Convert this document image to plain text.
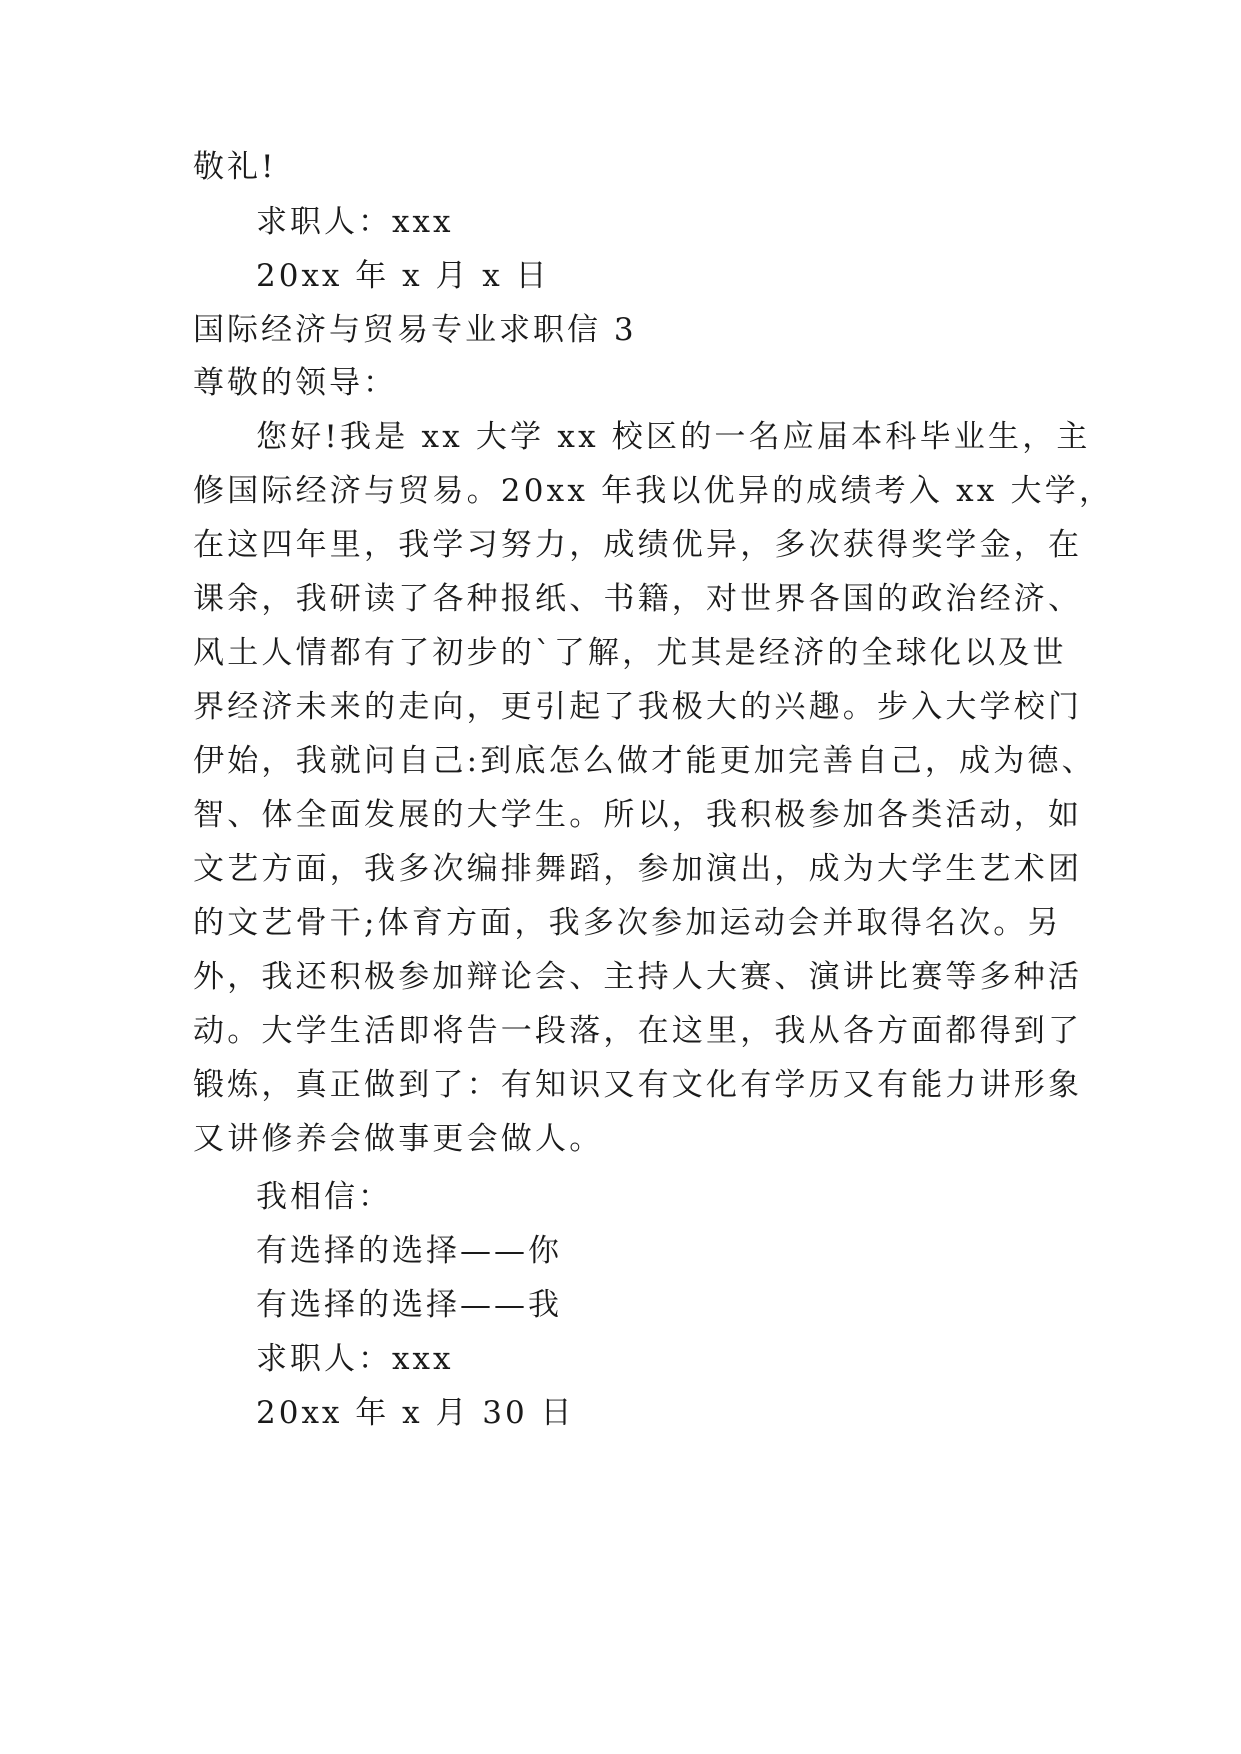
敬礼!
求职人：xxx
20xx 年 x 月 x 日
国际经济与贸易专业求职信 3
尊敬的领导：
您好!我是 xx 大学 xx 校区的一名应届本科毕业生，主
修国际经济与贸易。20xx 年我以优异的成绩考入 xx 大学，
在这四年里，我学习努力，成绩优异，多次获得奖学金，在
课余，我研读了各种报纸、书籍，对世界各国的政治经济、
风土人情都有了初步的`了解，尤其是经济的全球化以及世
界经济未来的走向，更引起了我极大的兴趣。步入大学校门
伊始，我就问自己:到底怎么做才能更加完善自己，成为德、
智、体全面发展的大学生。所以，我积极参加各类活动，如
文艺方面，我多次编排舞蹈，参加演出，成为大学生艺术团
的文艺骨干;体育方面，我多次参加运动会并取得名次。另
外，我还积极参加辩论会、主持人大赛、演讲比赛等多种活
动。大学生活即将告一段落，在这里，我从各方面都得到了
锻炼，真正做到了：有知识又有文化有学历又有能力讲形象
又讲修养会做事更会做人。
我相信：
有选择的选择——你
有选择的选择——我
求职人：xxx
20xx 年 x 月 30 日
